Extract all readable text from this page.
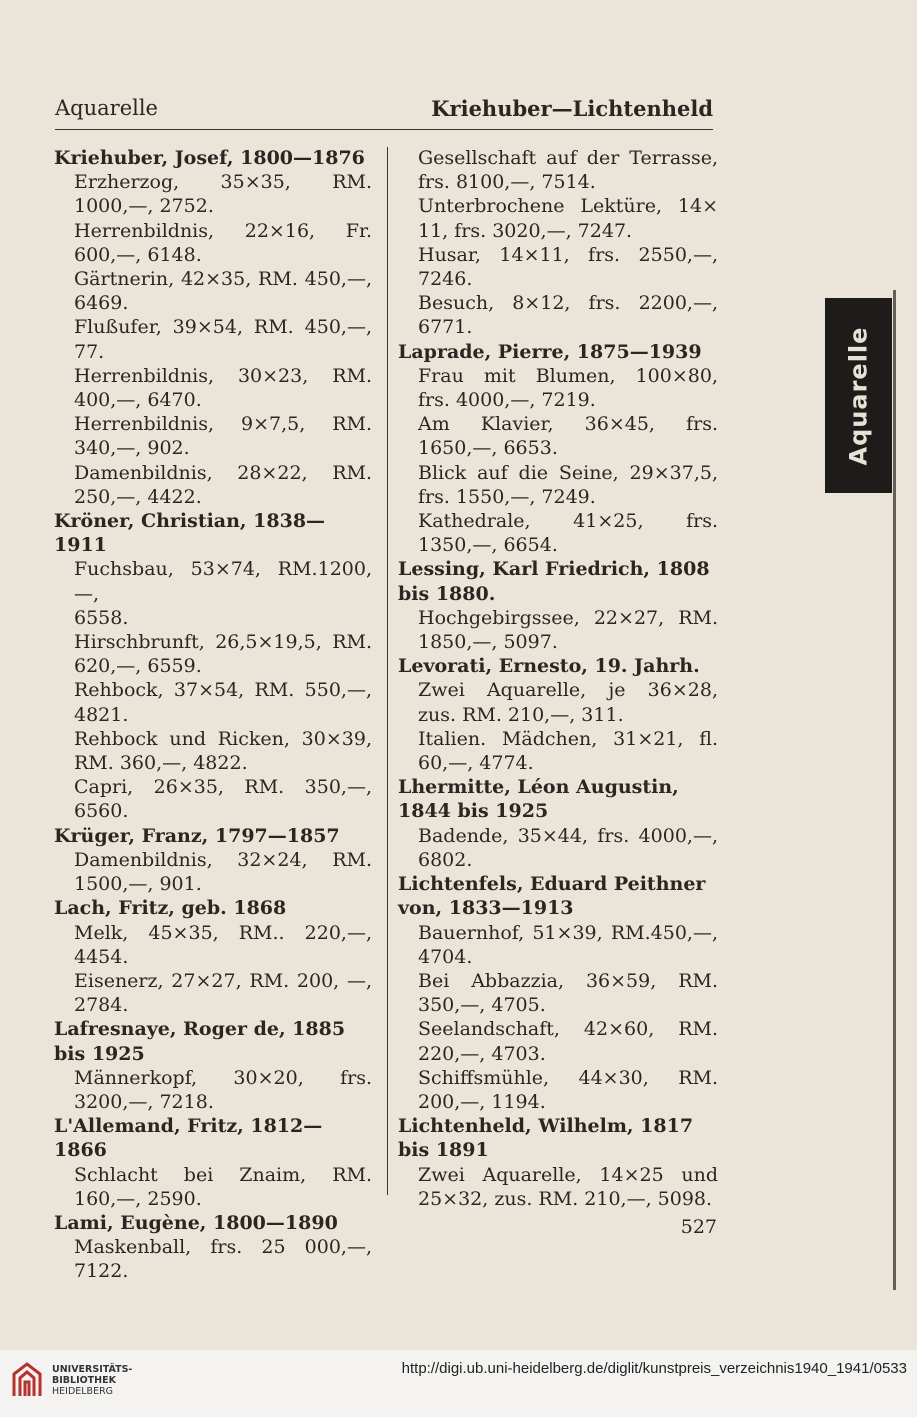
Aquarelle	Kriehuber—Lichtenheld
Kriehuber, Josef, 1800—1876
Erzherzog, 35×35, RM.
1000,—, 2752.
Herrenbildnis, 22×16, Fr.
600,—, 6148.
Gärtnerin, 42×35, RM. 450,—,
6469.
Flußufer, 39×54, RM. 450,—,
77.
Herrenbildnis, 30×23, RM.
400,—, 6470.
Herrenbildnis, 9×7,5, RM.
340,—, 902.
Damenbildnis, 28×22, RM.
250,—, 4422.
Kröner, Christian, 1838—1911
Fuchsbau, 53×74, RM.1200,—,
6558.
Hirschbrunft, 26,5×19,5, RM.
620,—, 6559.
Rehbock, 37×54, RM. 550,—,
4821.
Rehbock und Ricken, 30×39,
RM. 360,—, 4822.
Capri, 26×35, RM. 350,—,
6560.
Krüger, Franz, 1797—1857
Damenbildnis, 32×24, RM.
1500,—, 901.
Lach, Fritz, geb. 1868
Melk, 45×35, RM.. 220,—,
4454.
Eisenerz, 27×27, RM. 200, —,
2784.
Lafresnaye, Roger de, 1885 bis 1925
Männerkopf, 30×20, frs.
3200,—, 7218.
L'Allemand, Fritz, 1812—1866
Schlacht bei Znaim, RM.
160,—, 2590.
Lami, Eugène, 1800—1890
Maskenball, frs. 25 000,—,
7122.
Gesellschaft auf der Terrasse,
frs. 8100,—, 7514.
Unterbrochene Lektüre, 14×
11, frs. 3020,—, 7247.
Husar, 14×11, frs. 2550,—,
7246.
Besuch, 8×12, frs. 2200,—,
6771.
Laprade, Pierre, 1875—1939
Frau mit Blumen, 100×80,
frs. 4000,—, 7219.
Am Klavier, 36×45, frs.
1650,—, 6653.
Blick auf die Seine, 29×37,5,
frs. 1550,—, 7249.
Kathedrale, 41×25, frs.
1350,—, 6654.
Lessing, Karl Friedrich, 1808 bis 1880.
Hochgebirgssee, 22×27, RM.
1850,—, 5097.
Levorati, Ernesto, 19. Jahrh.
Zwei Aquarelle, je 36×28,
zus. RM. 210,—, 311.
Italien. Mädchen, 31×21, fl.
60,—, 4774.
Lhermitte, Léon Augustin, 1844 bis 1925
Badende, 35×44, frs. 4000,—,
6802.
Lichtenfels, Eduard Peithner von, 1833—1913
Bauernhof, 51×39, RM.450,—,
4704.
Bei Abbazzia, 36×59, RM.
350,—, 4705.
Seelandschaft, 42×60, RM.
220,—, 4703.
Schiffsmühle, 44×30, RM.
200,—, 1194.
Lichtenheld, Wilhelm, 1817 bis 1891
Zwei Aquarelle, 14×25 und
25×32, zus. RM. 210,—, 5098.
527
Aquarelle
UNIVERSITÄTS-
BIBLIOTHEK
HEIDELBERG
http://digi.ub.uni-heidelberg.de/diglit/kunstpreis_verzeichnis1940_1941/0533
